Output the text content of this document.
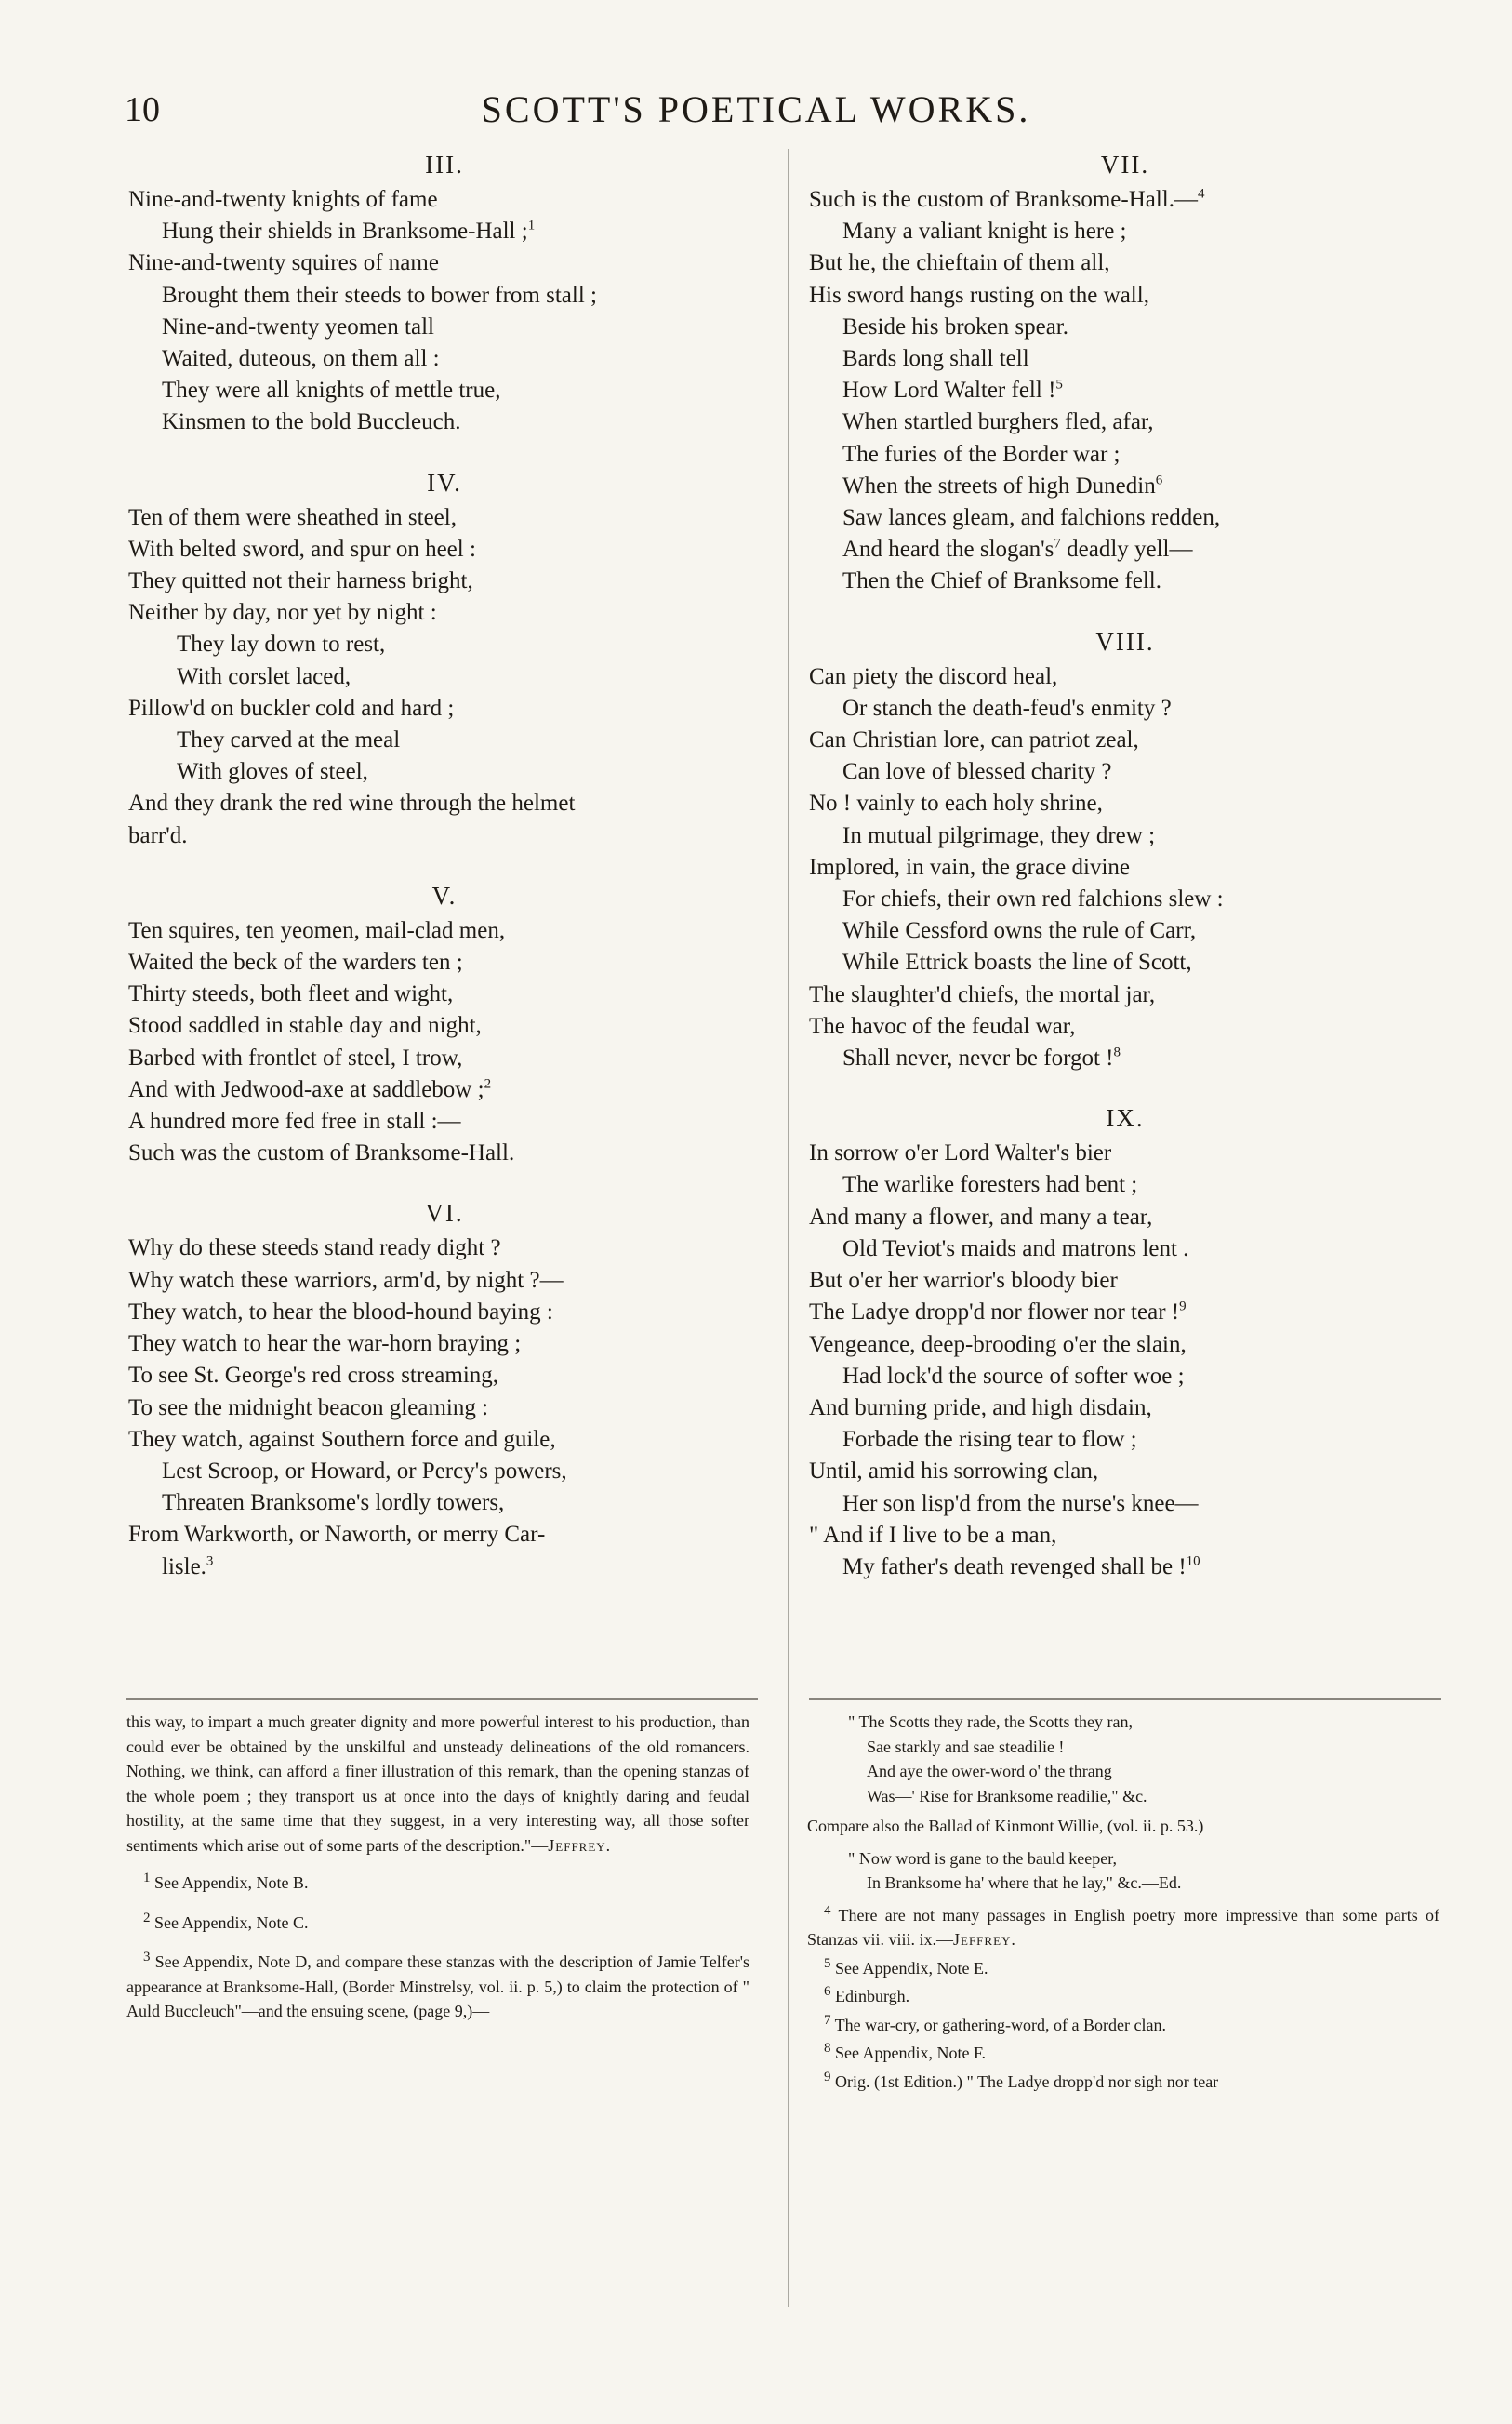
10	SCOTT'S POETICAL WORKS.
III.
Nine-and-twenty knights of fame
Hung their shields in Branksome-Hall ;$^1$
Nine-and-twenty squires of name
Brought them their steeds to bower from stall ;
Nine-and-twenty yeomen tall
Waited, duteous, on them all :
They were all knights of mettle true,
Kinsmen to the bold Buccleuch.
IV.
Ten of them were sheathed in steel,
With belted sword, and spur on heel :
They quitted not their harness bright,
Neither by day, nor yet by night :
They lay down to rest,
With corslet laced,
Pillow'd on buckler cold and hard ;
They carved at the meal
With gloves of steel,
And they drank the red wine through the helmet
barr'd.
V.
Ten squires, ten yeomen, mail-clad men,
Waited the beck of the warders ten ;
Thirty steeds, both fleet and wight,
Stood saddled in stable day and night,
Barbed with frontlet of steel, I trow,
And with Jedwood-axe at saddlebow ;$^2$
A hundred more fed free in stall :—
Such was the custom of Branksome-Hall.
VI.
Why do these steeds stand ready dight ?
Why watch these warriors, arm'd, by night ?—
They watch, to hear the blood-hound baying :
They watch to hear the war-horn braying ;
To see St. George's red cross streaming,
To see the midnight beacon gleaming :
They watch, against Southern force and guile,
Lest Scroop, or Howard, or Percy's powers,
Threaten Branksome's lordly towers,
From Warkworth, or Naworth, or merry Car-
lisle.$^3$
VII.
Such is the custom of Branksome-Hall.—$^4$
Many a valiant knight is here ;
But he, the chieftain of them all,
His sword hangs rusting on the wall,
Beside his broken spear.
Bards long shall tell
How Lord Walter fell !$^5$
When startled burghers fled, afar,
The furies of the Border war ;
When the streets of high Dunedin$^6$
Saw lances gleam, and falchions redden,
And heard the $slogan's^7$ deadly yell—
Then the Chief of Branksome fell.
VIII.
Can piety the discord heal,
Or stanch the death-feud's enmity ?
Can Christian lore, can patriot zeal,
Can love of blessed charity ?
No ! vainly to each holy shrine,
In mutual pilgrimage, they drew ;
Implored, in vain, the grace divine
For chiefs, their own red falchions slew :
While Cessford owns the rule of Carr,
While Ettrick boasts the line of Scott,
The slaughter'd chiefs, the mortal jar,
The havoc of the feudal war,
Shall never, never be forgot !$^8$
IX.
In sorrow o'er Lord Walter's bier
The warlike foresters had bent ;
And many a flower, and many a tear,
Old Teviot's maids and matrons lent .
But o'er her warrior's bloody bier
The Ladye dropp'd nor flower nor tear !$^9$
Vengeance, deep-brooding o'er the slain,
Had lock'd the source of softer woe ;
And burning pride, and high disdain,
Forbade the rising tear to flow ;
Until, amid his sorrowing clan,
Her son lisp'd from the nurse's knee—
" And if I live to be a man,
My father's death revenged shall be !$^{10}$

this way, to impart a much greater dignity and more powerful interest to his production, than could ever be obtained by the unskilful and unsteady delineations of the old romancers. Nothing, we think, can afford a finer illustration of this remark, than the opening stanzas of the whole poem ; they transport us at once into the days of knightly daring and feudal hostility, at the same time that they suggest, in a very interesting way, all those softer sentiments which arise out of some parts of the description."—Jeffrey.

$^1$ See Appendix, Note B.

$^2$ See Appendix, Note C.

$^3$ See Appendix, Note D, and compare these stanzas with the description of Jamie Telfer's appearance at Branksome-Hall, (Border Minstrelsy, vol. ii. p. 5,) to claim the protection of " Auld Buccleuch"—and the ensuing scene, (page 9,)—

" The Scotts they rade, the Scotts they ran,
Sae starkly and sae steadilie !
And aye the ower-word o' the thrang
Was—' Rise for Branksome readilie," &c.

Compare also the Ballad of Kinmont Willie, (vol. ii. p. 53.)

" Now word is gane to the bauld keeper,
In Branksome ha' where that he lay," &c.—Ed.

$^4$ There are not many passages in English poetry more impressive than some parts of Stanzas vii. viii. ix.—Jeffrey.

$^5$ See Appendix, Note E.

$^6$ Edinburgh.

$^7$ The war-cry, or gathering-word, of a Border clan.

$^8$ See Appendix, Note F.

$^9$ Orig. (1st Edition.) " The Ladye dropp'd nor sigh nor tear
